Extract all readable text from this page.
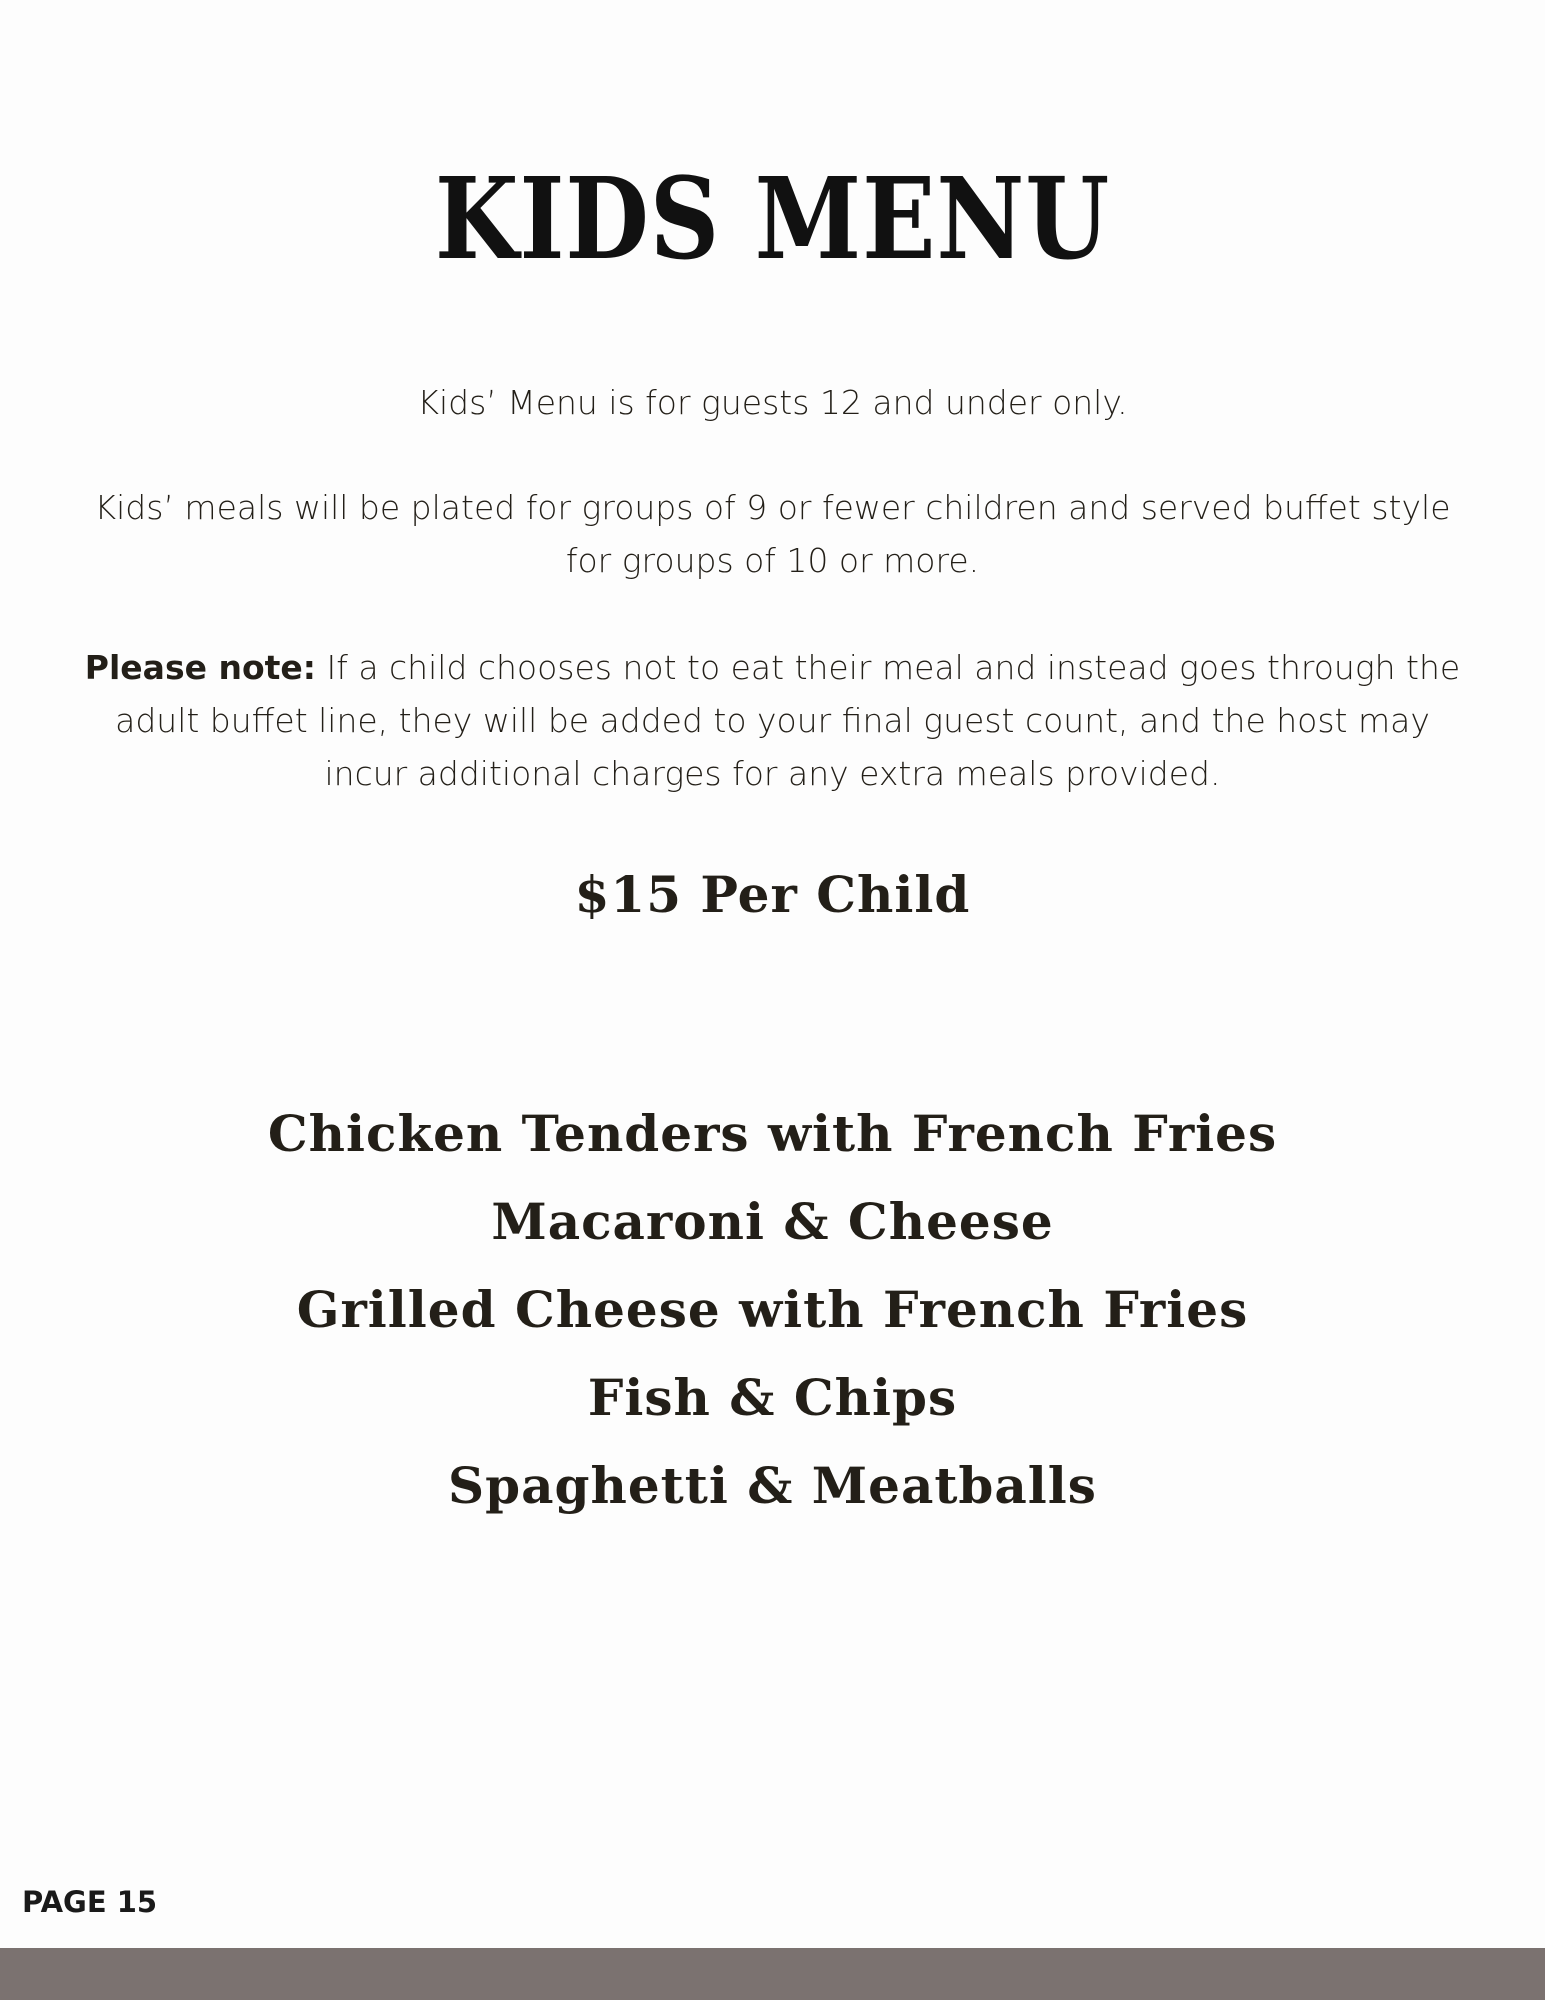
KIDS MENU

Kids’ Menu is for guests 12 and under only.

Kids’ meals will be plated for groups of 9 or fewer children and served buffet style for groups of 10 or more.

Please note: If a child chooses not to eat their meal and instead goes through the adult buffet line, they will be added to your final guest count, and the host may incur additional charges for any extra meals provided.

$15 Per Child
Chicken Tenders with French Fries
Macaroni & Cheese
Grilled Cheese with French Fries
Fish & Chips
Spaghetti & Meatballs
PAGE 15
